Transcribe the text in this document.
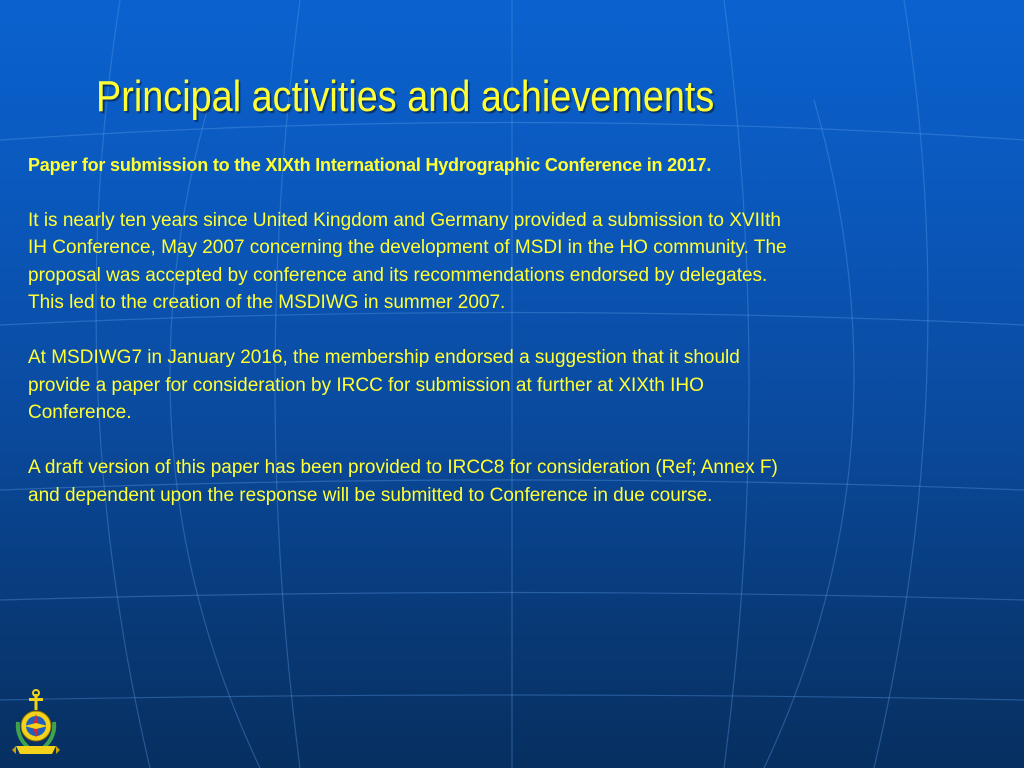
Principal activities and achievements

Paper for submission to the XIXth International Hydrographic Conference in 2017.

It is nearly ten years since United Kingdom and Germany provided a submission to XVIIth
IH Conference, May 2007 concerning the development of MSDI in the HO community. The
proposal was accepted by conference and its recommendations endorsed by delegates.
This led to the creation of the MSDIWG in summer 2007.

At MSDIWG7 in January 2016, the membership endorsed a suggestion that it should
provide a paper for consideration by IRCC for submission at further at XIXth IHO
Conference.

A draft version of this paper has been provided to IRCC8 for consideration (Ref; Annex F)
and dependent upon the response will be submitted to Conference in due course.
